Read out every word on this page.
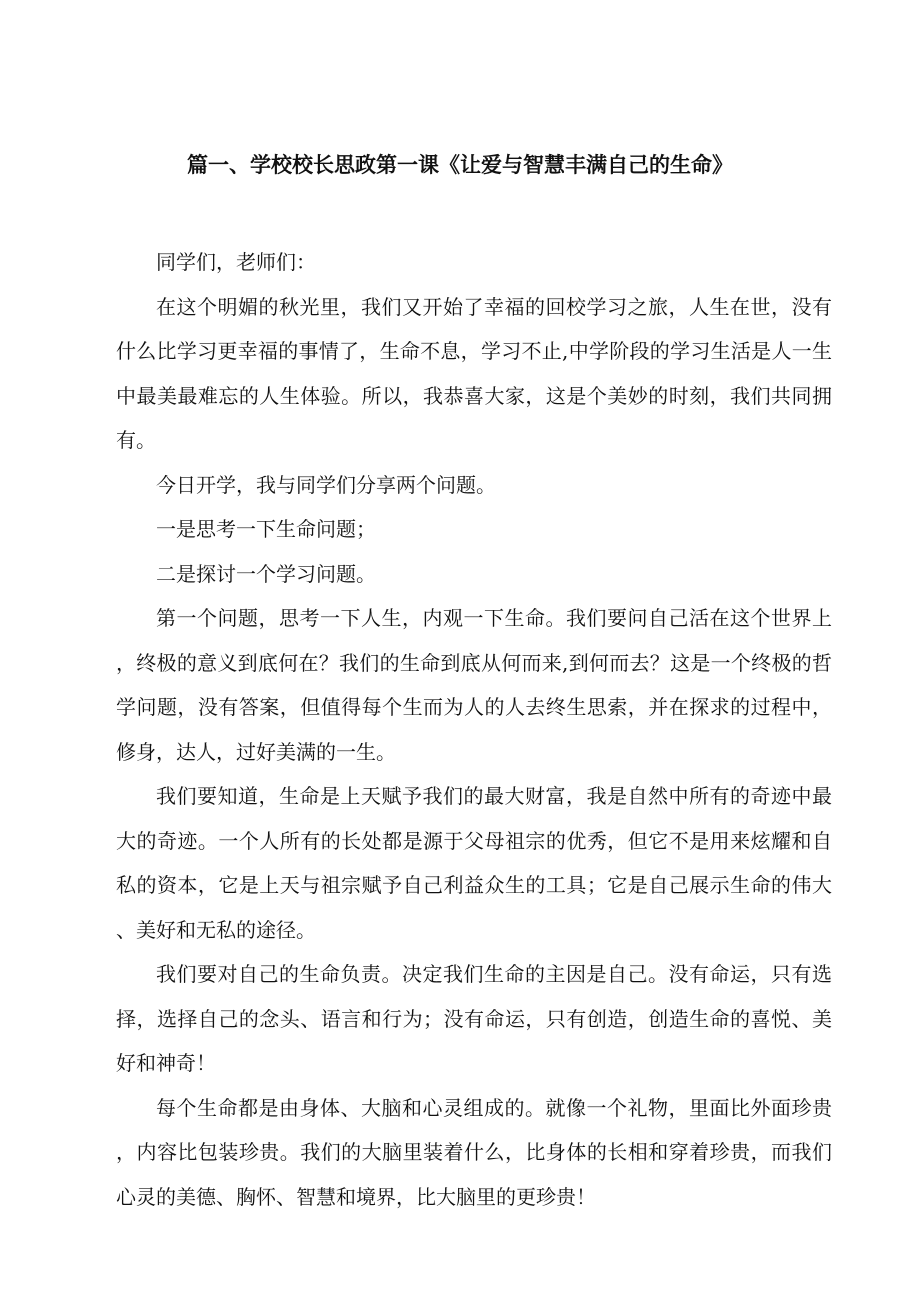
篇一、学校校长思政第一课《让爱与智慧丰满自己的生命》

同学们，老师们：

在这个明媚的秋光里，我们又开始了幸福的回校学习之旅，人生在世，没有什么比学习更幸福的事情了，生命不息，学习不止,中学阶段的学习生活是人一生中最美最难忘的人生体验。所以，我恭喜大家，这是个美妙的时刻，我们共同拥有。

今日开学，我与同学们分享两个问题。

一是思考一下生命问题；

二是探讨一个学习问题。

第一个问题，思考一下人生，内观一下生命。我们要问自己活在这个世界上，终极的意义到底何在？我们的生命到底从何而来,到何而去？这是一个终极的哲学问题，没有答案，但值得每个生而为人的人去终生思索，并在探求的过程中，修身，达人，过好美满的一生。

我们要知道，生命是上天赋予我们的最大财富，我是自然中所有的奇迹中最大的奇迹。一个人所有的长处都是源于父母祖宗的优秀，但它不是用来炫耀和自私的资本，它是上天与祖宗赋予自己利益众生的工具；它是自己展示生命的伟大、美好和无私的途径。

我们要对自己的生命负责。决定我们生命的主因是自己。没有命运，只有选择，选择自己的念头、语言和行为；没有命运，只有创造，创造生命的喜悦、美好和神奇！

每个生命都是由身体、大脑和心灵组成的。就像一个礼物，里面比外面珍贵，内容比包装珍贵。我们的大脑里装着什么，比身体的长相和穿着珍贵，而我们心灵的美德、胸怀、智慧和境界，比大脑里的更珍贵！
